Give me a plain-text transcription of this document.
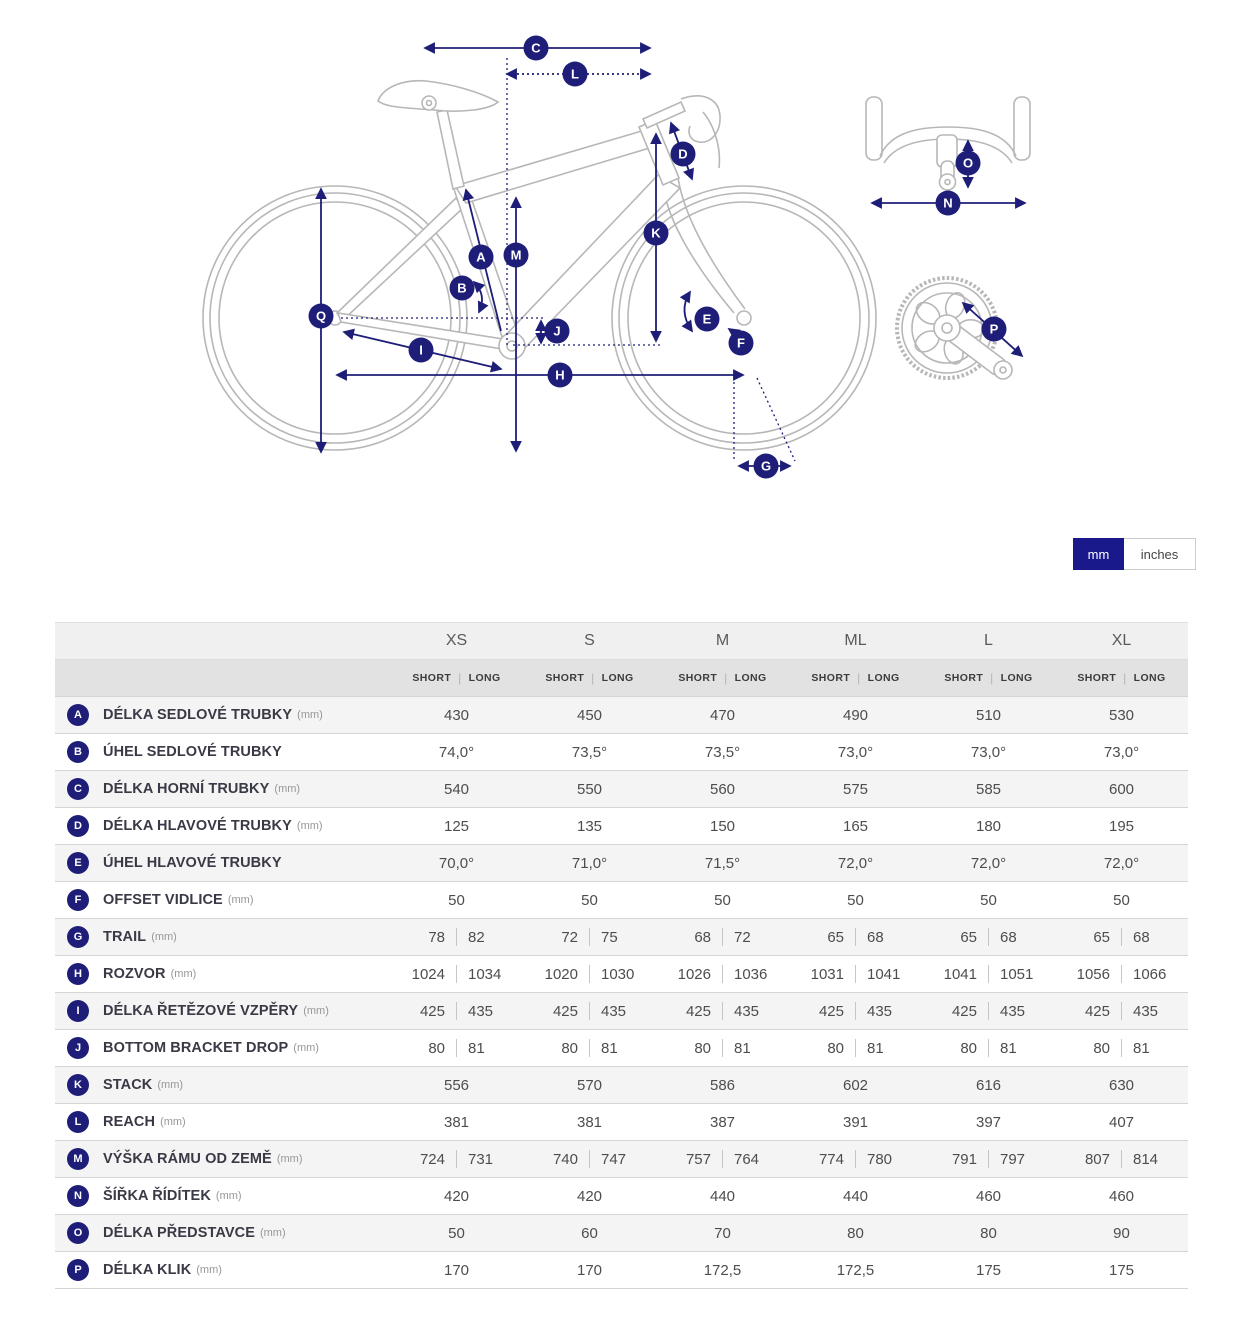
A
B
C
D
E
F
G
H
I
J
K
L
M
N
O
P
Q
mm	inches
XS	S	M	ML	L	XL
SHORT | LONG	SHORT | LONG	SHORT | LONG	SHORT | LONG	SHORT | LONG	SHORT | LONG
A	DÉLKA SEDLOVÉ TRUBKY (mm)	430	450	470	490	510	530
B	ÚHEL SEDLOVÉ TRUBKY	74,0°	73,5°	73,5°	73,0°	73,0°	73,0°
C	DÉLKA HORNÍ TRUBKY (mm)	540	550	560	575	585	600
D	DÉLKA HLAVOVÉ TRUBKY (mm)	125	135	150	165	180	195
E	ÚHEL HLAVOVÉ TRUBKY	70,0°	71,0°	71,5°	72,0°	72,0°	72,0°
F	OFFSET VIDLICE (mm)	50	50	50	50	50	50
G	TRAIL (mm)	78	82	72	75	68	72	65	68	65	68	65	68
H	ROZVOR (mm)	1024	1034	1020	1030	1026	1036	1031	1041	1041	1051	1056	1066
I	DÉLKA ŘETĚZOVÉ VZPĚRY (mm)	425	435	425	435	425	435	425	435	425	435	425	435
J	BOTTOM BRACKET DROP (mm)	80	81	80	81	80	81	80	81	80	81	80	81
K	STACK (mm)	556	570	586	602	616	630
L	REACH (mm)	381	381	387	391	397	407
M	VÝŠKA RÁMU OD ZEMĚ (mm)	724	731	740	747	757	764	774	780	791	797	807	814
N	ŠÍŘKA ŘÍDÍTEK (mm)	420	420	440	440	460	460
O	DÉLKA PŘEDSTAVCE (mm)	50	60	70	80	80	90
P	DÉLKA KLIK (mm)	170	170	172,5	172,5	175	175
